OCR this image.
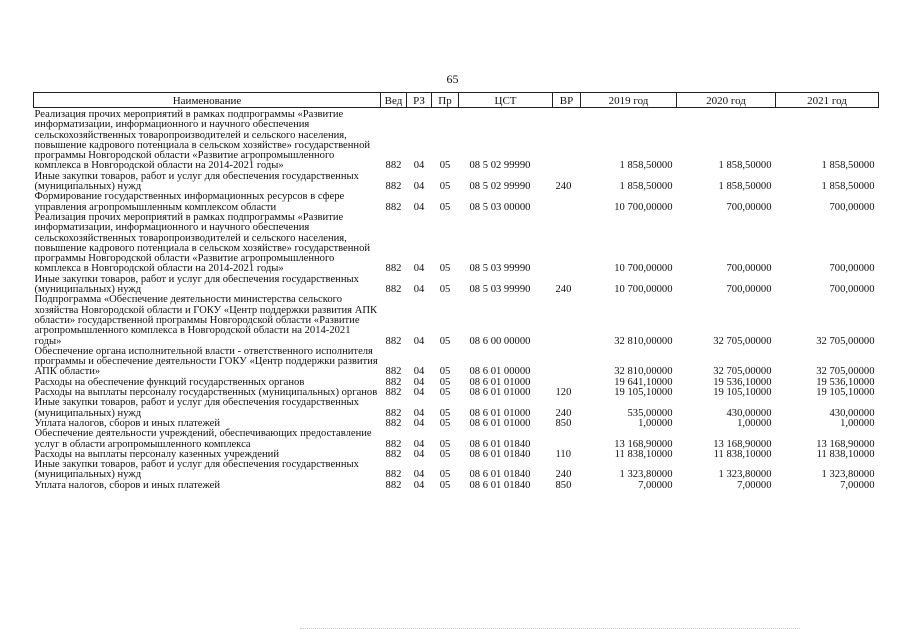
65
Наименование	Вед	РЗ	Пр	ЦСТ	ВР	2019 год	2020 год	2021 год
Реализация прочих мероприятий в рамках подпрограммы «Развитие информатизации, информационного и научного обеспечения сельскохозяйственных товаропроизводителей и сельского населения, повышение кадрового потенциала в сельском хозяйстве» государственной программы Новгородской области «Развитие агропромышленного комплекса в Новгородской области на 2014-2021 годы»	882	04	05	08 5 02 99990		1 858,50000	1 858,50000	1 858,50000
Иные закупки товаров, работ и услуг для обеспечения государственных (муниципальных) нужд	882	04	05	08 5 02 99990	240	1 858,50000	1 858,50000	1 858,50000
Формирование государственных информационных ресурсов в сфере управления агропромышленным комплексом области	882	04	05	08 5 03 00000		10 700,00000	700,00000	700,00000
Реализация прочих мероприятий в рамках подпрограммы «Развитие информатизации, информационного и научного обеспечения сельскохозяйственных товаропроизводителей и сельского населения, повышение кадрового потенциала в сельском хозяйстве» государственной программы Новгородской области «Развитие агропромышленного комплекса в Новгородской области на 2014-2021 годы»	882	04	05	08 5 03 99990		10 700,00000	700,00000	700,00000
Иные закупки товаров, работ и услуг для обеспечения государственных (муниципальных) нужд	882	04	05	08 5 03 99990	240	10 700,00000	700,00000	700,00000
Подпрограмма «Обеспечение деятельности министерства сельского хозяйства Новгородской области и ГОКУ «Центр поддержки развития АПК области» государственной программы Новгородской области «Развитие агропромышленного комплекса в Новгородской области на 2014-2021 годы»	882	04	05	08 6 00 00000		32 810,00000	32 705,00000	32 705,00000
Обеспечение органа исполнительной власти - ответственного исполнителя программы и обеспечение деятельности ГОКУ «Центр поддержки развития АПК области»	882	04	05	08 6 01 00000		32 810,00000	32 705,00000	32 705,00000
Расходы на обеспечение функций государственных органов	882	04	05	08 6 01 01000		19 641,10000	19 536,10000	19 536,10000
Расходы на выплаты персоналу государственных (муниципальных) органов	882	04	05	08 6 01 01000	120	19 105,10000	19 105,10000	19 105,10000
Иные закупки товаров, работ и услуг для обеспечения государственных (муниципальных) нужд	882	04	05	08 6 01 01000	240	535,00000	430,00000	430,00000
Уплата налогов, сборов и иных платежей	882	04	05	08 6 01 01000	850	1,00000	1,00000	1,00000
Обеспечение деятельности учреждений, обеспечивающих предоставление услуг в области агропромышленного комплекса	882	04	05	08 6 01 01840		13 168,90000	13 168,90000	13 168,90000
Расходы на выплаты персоналу казенных учреждений	882	04	05	08 6 01 01840	110	11 838,10000	11 838,10000	11 838,10000
Иные закупки товаров, работ и услуг для обеспечения государственных (муниципальных) нужд	882	04	05	08 6 01 01840	240	1 323,80000	1 323,80000	1 323,80000
Уплата налогов, сборов и иных платежей	882	04	05	08 6 01 01840	850	7,00000	7,00000	7,00000
